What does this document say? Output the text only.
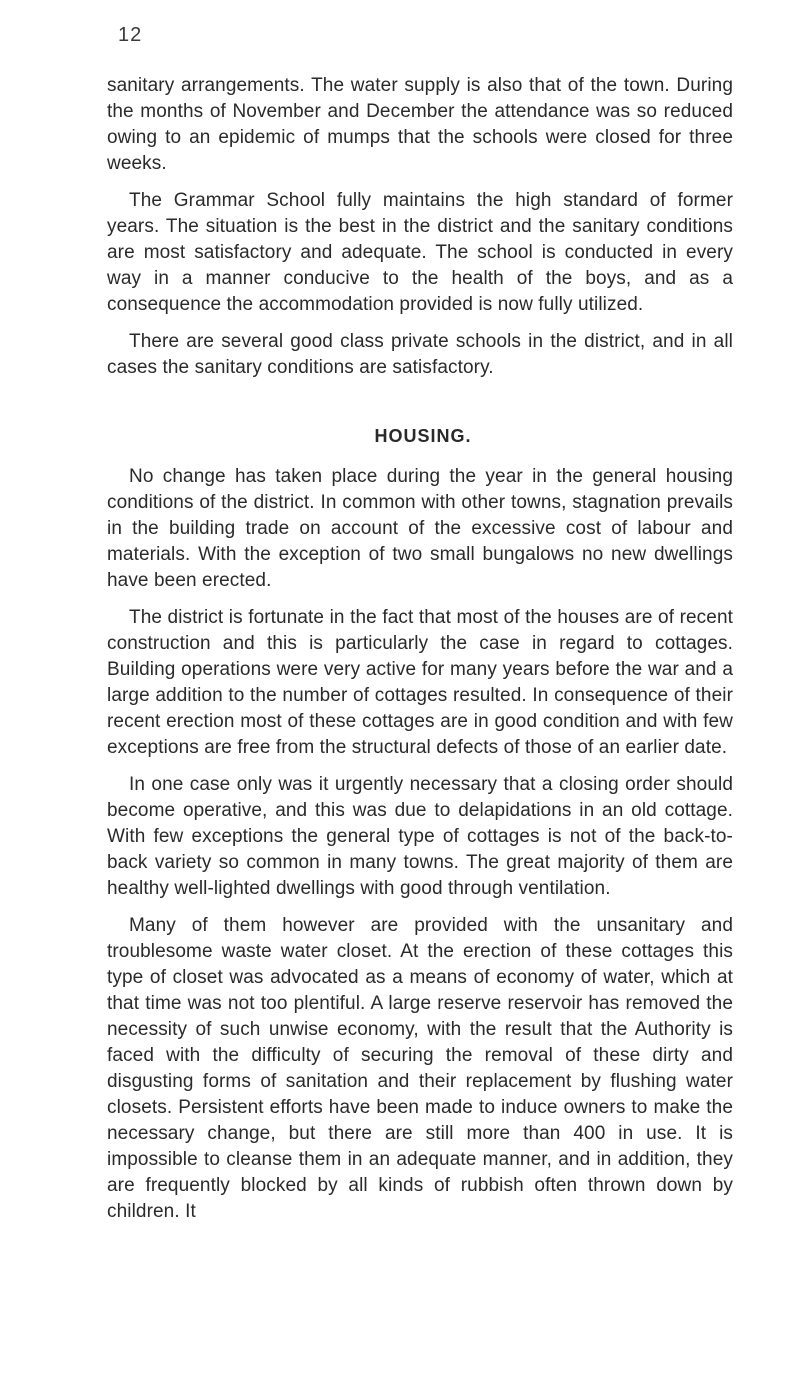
12

sanitary arrangements. The water supply is also that of the town. During the months of November and December the attendance was so reduced owing to an epidemic of mumps that the schools were closed for three weeks.

The Grammar School fully maintains the high standard of former years. The situation is the best in the district and the sanitary conditions are most satisfactory and adequate. The school is conducted in every way in a manner conducive to the health of the boys, and as a consequence the accommodation provided is now fully utilized.

There are several good class private schools in the district, and in all cases the sanitary conditions are satisfactory.

HOUSING.

No change has taken place during the year in the general housing conditions of the district. In common with other towns, stagnation prevails in the building trade on account of the excessive cost of labour and materials. With the exception of two small bungalows no new dwellings have been erected.

The district is fortunate in the fact that most of the houses are of recent construction and this is particularly the case in regard to cottages. Building operations were very active for many years before the war and a large addition to the number of cottages resulted. In consequence of their recent erection most of these cottages are in good condition and with few exceptions are free from the structural defects of those of an earlier date.

In one case only was it urgently necessary that a closing order should become operative, and this was due to delapidations in an old cottage. With few exceptions the general type of cottages is not of the back-to-back variety so common in many towns. The great majority of them are healthy well-lighted dwellings with good through ventilation.

Many of them however are provided with the unsanitary and troublesome waste water closet. At the erection of these cottages this type of closet was advocated as a means of economy of water, which at that time was not too plentiful. A large reserve reservoir has removed the necessity of such unwise economy, with the result that the Authority is faced with the difficulty of securing the removal of these dirty and disgusting forms of sanitation and their replacement by flushing water closets. Persistent efforts have been made to induce owners to make the necessary change, but there are still more than 400 in use. It is impossible to cleanse them in an adequate manner, and in addition, they are frequently blocked by all kinds of rubbish often thrown down by children. It
